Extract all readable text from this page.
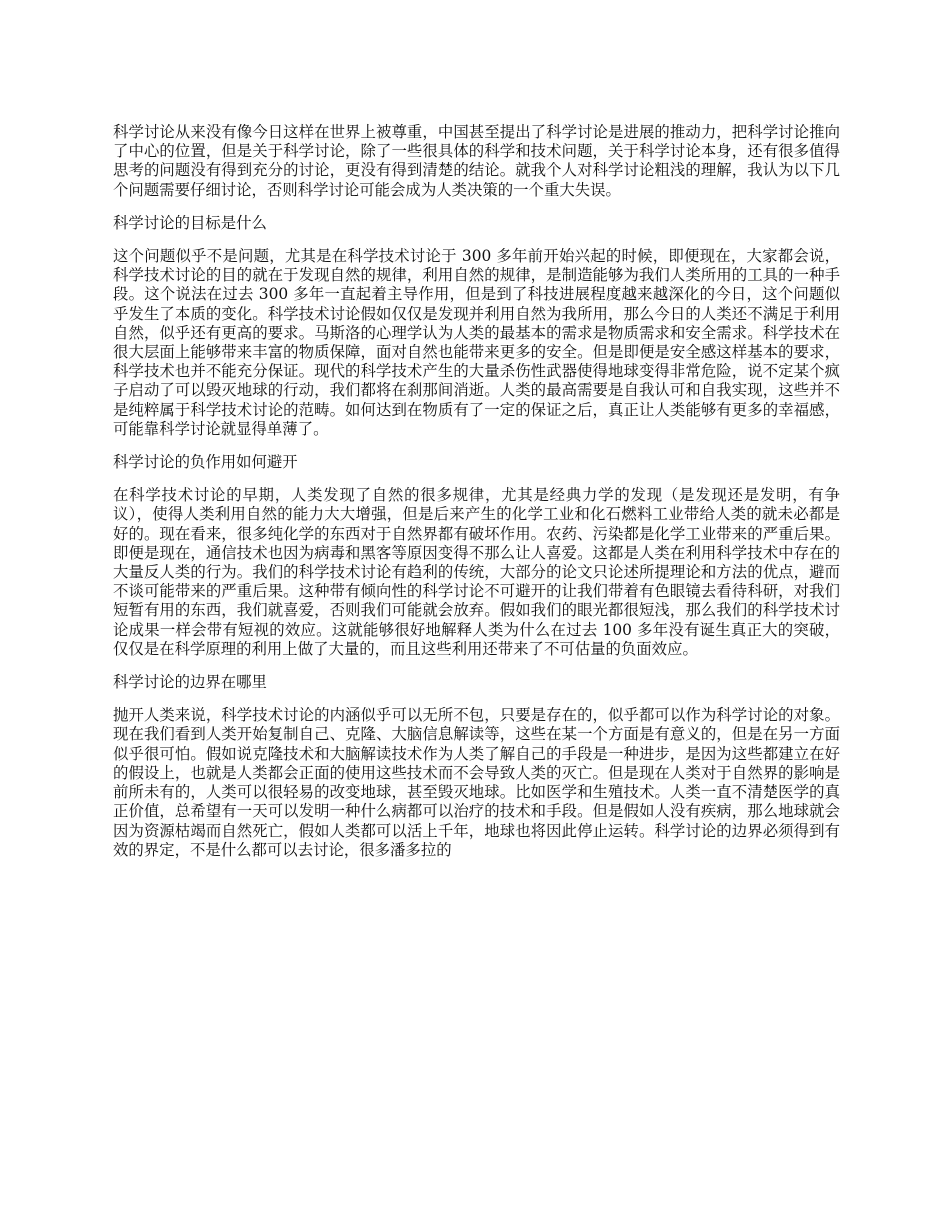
科学讨论从来没有像今日这样在世界上被尊重，中国甚至提出了科学讨论是进展的推动力，把科学讨论推向了中心的位置，但是关于科学讨论，除了一些很具体的科学和技术问题，关于科学讨论本身，还有很多值得思考的问题没有得到充分的讨论，更没有得到清楚的结论。就我个人对科学讨论粗浅的理解，我认为以下几个问题需要仔细讨论，否则科学讨论可能会成为人类决策的一个重大失误。

科学讨论的目标是什么

这个问题似乎不是问题，尤其是在科学技术讨论于 300 多年前开始兴起的时候，即便现在，大家都会说，科学技术讨论的目的就在于发现自然的规律，利用自然的规律，是制造能够为我们人类所用的工具的一种手段。这个说法在过去 300 多年一直起着主导作用，但是到了科技进展程度越来越深化的今日，这个问题似乎发生了本质的变化。科学技术讨论假如仅仅是发现并利用自然为我所用，那么今日的人类还不满足于利用自然，似乎还有更高的要求。马斯洛的心理学认为人类的最基本的需求是物质需求和安全需求。科学技术在很大层面上能够带来丰富的物质保障，面对自然也能带来更多的安全。但是即便是安全感这样基本的要求，科学技术也并不能充分保证。现代的科学技术产生的大量杀伤性武器使得地球变得非常危险，说不定某个疯子启动了可以毁灭地球的行动，我们都将在刹那间消逝。人类的最高需要是自我认可和自我实现，这些并不是纯粹属于科学技术讨论的范畴。如何达到在物质有了一定的保证之后，真正让人类能够有更多的幸福感，可能靠科学讨论就显得单薄了。

科学讨论的负作用如何避开

在科学技术讨论的早期，人类发现了自然的很多规律，尤其是经典力学的发现（是发现还是发明，有争议），使得人类利用自然的能力大大增强，但是后来产生的化学工业和化石燃料工业带给人类的就未必都是好的。现在看来，很多纯化学的东西对于自然界都有破坏作用。农药、污染都是化学工业带来的严重后果。即便是现在，通信技术也因为病毒和黑客等原因变得不那么让人喜爱。这都是人类在利用科学技术中存在的大量反人类的行为。我们的科学技术讨论有趋利的传统，大部分的论文只论述所提理论和方法的优点，避而不谈可能带来的严重后果。这种带有倾向性的科学讨论不可避开的让我们带着有色眼镜去看待科研，对我们短暂有用的东西，我们就喜爱，否则我们可能就会放弃。假如我们的眼光都很短浅，那么我们的科学技术讨论成果一样会带有短视的效应。这就能够很好地解释人类为什么在过去 100 多年没有诞生真正大的突破，仅仅是在科学原理的利用上做了大量的，而且这些利用还带来了不可估量的负面效应。

科学讨论的边界在哪里

抛开人类来说，科学技术讨论的内涵似乎可以无所不包，只要是存在的，似乎都可以作为科学讨论的对象。现在我们看到人类开始复制自己、克隆、大脑信息解读等，这些在某一个方面是有意义的，但是在另一方面似乎很可怕。假如说克隆技术和大脑解读技术作为人类了解自己的手段是一种进步，是因为这些都建立在好的假设上，也就是人类都会正面的使用这些技术而不会导致人类的灭亡。但是现在人类对于自然界的影响是前所未有的，人类可以很轻易的改变地球，甚至毁灭地球。比如医学和生殖技术。人类一直不清楚医学的真正价值，总希望有一天可以发明一种什么病都可以治疗的技术和手段。但是假如人没有疾病，那么地球就会因为资源枯竭而自然死亡，假如人类都可以活上千年，地球也将因此停止运转。科学讨论的边界必须得到有效的界定，不是什么都可以去讨论，很多潘多拉的
